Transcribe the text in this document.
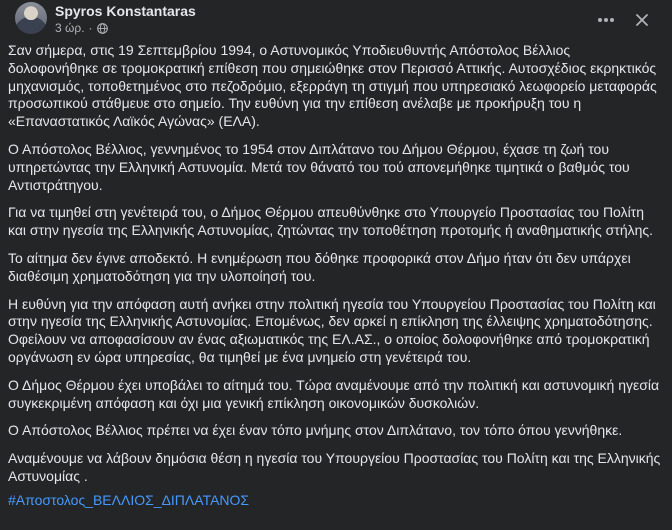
Spyros Konstantaras
3 ώρ. ·

Σαν σήμερα, στις 19 Σεπτεμβρίου 1994, ο Αστυνομικός Υποδιευθυντής Απόστολος Βέλλιος δολοφονήθηκε σε τρομοκρατική επίθεση που σημειώθηκε στον Περισσό Αττικής. Αυτοσχέδιος εκρηκτικός μηχανισμός, τοποθετημένος στο πεζοδρόμιο, εξερράγη τη στιγμή που υπηρεσιακό λεωφορείο μεταφοράς προσωπικού στάθμευε στο σημείο. Την ευθύνη για την επίθεση ανέλαβε με προκήρυξη του η «Επαναστατικός Λαϊκός Αγώνας» (ΕΛΑ).

Ο Απόστολος Βέλλιος, γεννημένος το 1954 στον Διπλάτανο του Δήμου Θέρμου, έχασε τη ζωή του υπηρετώντας την Ελληνική Αστυνομία. Μετά τον θάνατό του τού απονεμήθηκε τιμητικά ο βαθμός του Αντιστράτηγου.

Για να τιμηθεί στη γενέτειρά του, ο Δήμος Θέρμου απευθύνθηκε στο Υπουργείο Προστασίας του Πολίτη και στην ηγεσία της Ελληνικής Αστυνομίας, ζητώντας την τοποθέτηση προτομής ή αναθηματικής στήλης.

Το αίτημα δεν έγινε αποδεκτό. Η ενημέρωση που δόθηκε προφορικά στον Δήμο ήταν ότι δεν υπάρχει διαθέσιμη χρηματοδότηση για την υλοποίησή του.

Η ευθύνη για την απόφαση αυτή ανήκει στην πολιτική ηγεσία του Υπουργείου Προστασίας του Πολίτη και στην ηγεσία της Ελληνικής Αστυνομίας. Επομένως, δεν αρκεί η επίκληση της έλλειψης χρηματοδότησης. Οφείλουν να αποφασίσουν αν ένας αξιωματικός της ΕΛ.ΑΣ., ο οποίος δολοφονήθηκε από τρομοκρατική οργάνωση εν ώρα υπηρεσίας, θα τιμηθεί με ένα μνημείο στη γενέτειρά του.

Ο Δήμος Θέρμου έχει υποβάλει το αίτημά του. Τώρα αναμένουμε από την πολιτική και αστυνομική ηγεσία συγκεκριμένη απόφαση και όχι μια γενική επίκληση οικονομικών δυσκολιών.

Ο Απόστολος Βέλλιος πρέπει να έχει έναν τόπο μνήμης στον Διπλάτανο, τον τόπο όπου γεννήθηκε.

Αναμένουμε να λάβουν δημόσια θέση η ηγεσία του Υπουργείου Προστασίας του Πολίτη και της Ελληνικής Αστυνομίας .

#Αποστολος_ΒΕΛΛΙΟΣ_ΔΙΠΛΑΤΑΝΟΣ
